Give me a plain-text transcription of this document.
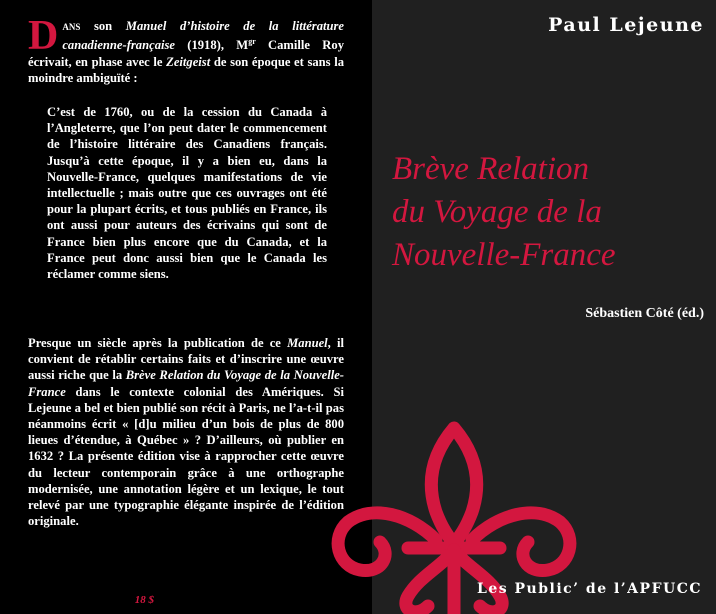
Dans son Manuel d’histoire de la littérature canadienne-française (1918), $M^{gr}$ Camille Roy écrivait, en phase avec le Zeitgeist de son époque et sans la moindre ambiguïté :

C’est de 1760, ou de la cession du Canada à l’Angleterre, que l’on peut dater le commencement de l’histoire littéraire des Canadiens français. Jusqu’à cette époque, il y a bien eu, dans la Nouvelle-France, quelques manifestations de vie intellectuelle ; mais outre que ces ouvrages ont été pour la plupart écrits, et tous publiés en France, ils ont aussi pour auteurs des écrivains qui sont de France bien plus encore que du Canada, et la France peut donc aussi bien que le Canada les réclamer comme siens.

Presque un siècle après la publication de ce Manuel, il convient de rétablir certains faits et d’inscrire une œuvre aussi riche que la Brève Relation du Voyage de la Nouvelle-France dans le contexte colonial des Amériques. Si Lejeune a bel et bien publié son récit à Paris, ne l’a-t-il pas néanmoins écrit « [d]u milieu d’un bois de plus de 800 lieues d’étendue, à Québec » ? D’ailleurs, où publier en 1632 ? La présente édition vise à rapprocher cette œuvre du lecteur contemporain grâce à une orthographe modernisée, une annotation légère et un lexique, le tout relevé par une typographie élégante inspirée de l’édition originale.

18 $
Paul Lejeune
Brève Relation
du Voyage de la
Nouvelle-France
Sébastien Côté (éd.)
Les Public’ de l’APFUCC
